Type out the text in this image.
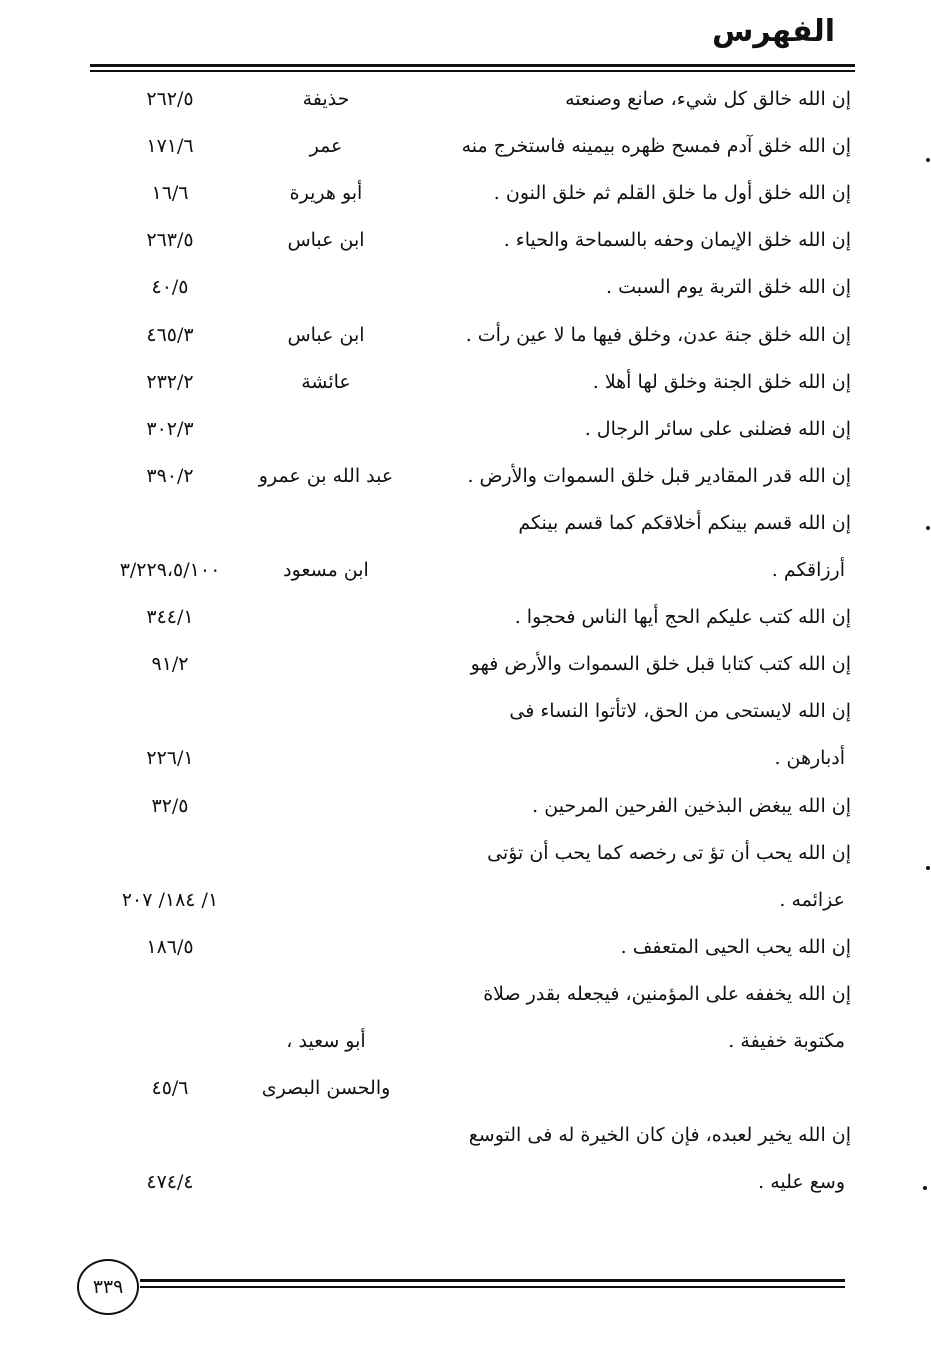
الفهرس
إن الله خالق كل شيء، صانع وصنعته
حذيفة
٢٦٢/٥
إن الله خلق آدم فمسح ظهره بيمينه فاستخرج منه
عمر
١٧١/٦
إن الله خلق أول ما خلق القلم ثم خلق النون .
أبو هريرة
١٦/٦
إن الله خلق الإيمان وحفه بالسماحة والحياء .
ابن عباس
٢٦٣/٥
إن الله خلق التربة يوم السبت .
٤٠/٥
إن الله خلق جنة عدن، وخلق فيها ما لا عين رأت .
ابن عباس
٤٦٥/٣
إن الله خلق الجنة وخلق لها أهلا .
عائشة
٢٣٢/٢
إن الله فضلنى على سائر الرجال .
٣٠٢/٣
إن الله قدر المقادير قبل خلق السموات والأرض .
عبد الله بن عمرو
٣٩٠/٢
إن الله قسم بينكم أخلاقكم كما قسم بينكم
أرزاقكم .
ابن مسعود
٣/٢٢٩،٥/١٠٠
إن الله كتب عليكم الحج أيها الناس فحجوا .
٣٤٤/١
إن الله كتب كتابا قبل خلق السموات والأرض فهو
٩١/٢
إن الله لايستحى من الحق، لاتأتوا النساء فى
أدبارهن .
٢٢٦/١
إن الله يبغض البذخين الفرحين المرحين .
٣٢/٥
إن الله يحب أن تؤ تى رخصه كما يحب أن تؤتى
عزائمه .
١/ ١٨٤/ ٢٠٧
إن الله يحب الحيى المتعفف .
١٨٦/٥
إن الله يخففه على المؤمنين، فيجعله بقدر صلاة
مكتوبة خفيفة .
أبو سعيد ،
والحسن البصرى
٤٥/٦
إن الله يخير لعبده، فإن كان الخيرة له فى التوسع
وسع عليه .
٤٧٤/٤
٣٣٩
